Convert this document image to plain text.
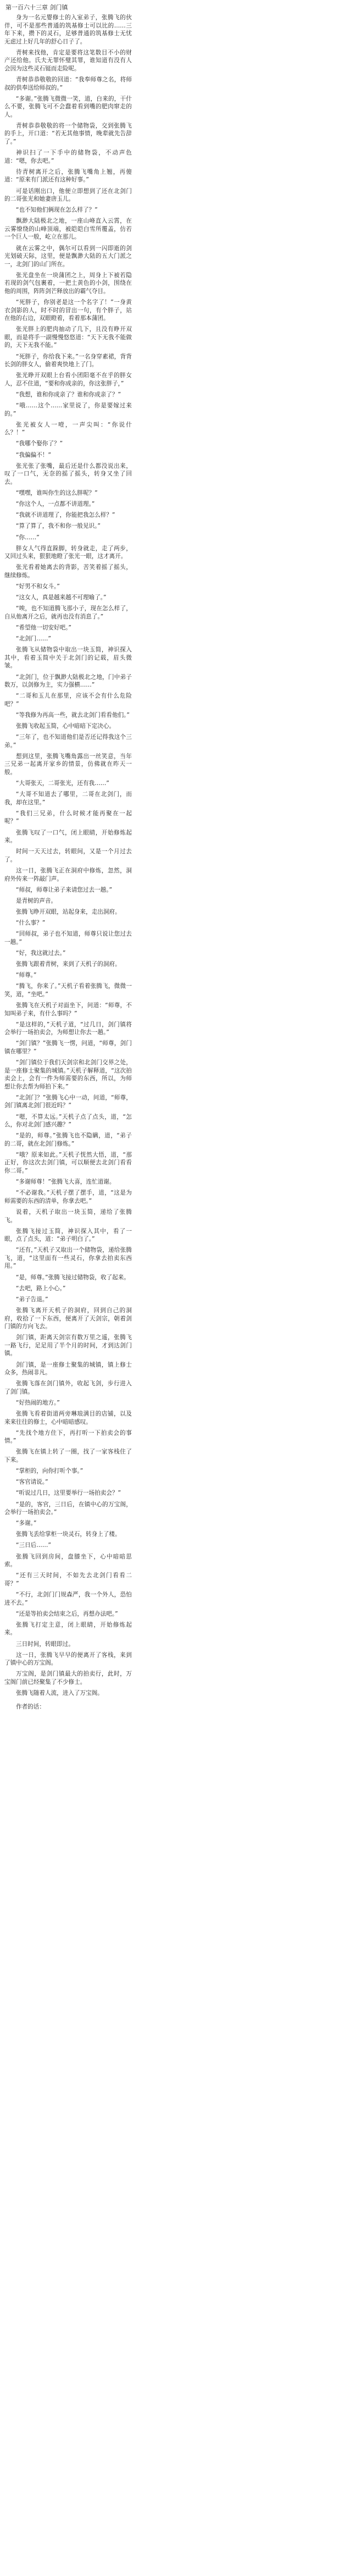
第一百六十三章 剑门镇

身为一名元婴修士的入室弟子，张腾飞的伙伴，可不是那些普通的筑基修士可以比的……三年下来，攒下的灵石，足够普通的筑基修士无忧无虑过上好几年的舒心日子了。

青树来找他，肯定是要将这笔数目不小的财产还给他。氏夫无罪怀璧其罪，谁知道有没有人会因为这些灵石铤而走险呢。

青树恭恭敬敬的回道：“我奉师尊之名，将师叔的供奉送给师叔的。”

“多谢。”张腾飞微微一笑，道，白来的，干什么不要，张腾飞可不会蠢着看到嘴的肥肉窜走的人。

青树恭恭敬敬的将一个储物袋，交到张腾飞的手上，开口道：“若无其他事情，晚辈就先告辞了。”

神识扫了一下手中的储物袋，不动声色道：“嗯，你去吧。”

待青树离开之后，张腾飞嘴角上翘，再傻道：“原来有门派还有这种好事。”

可是话刚出口，他便立即想到了还在北剑门的二哥张光和她妻唐玉儿。

“也不知他们俩现在怎么样了？”

飘渺大陆极北之地，一座山峰直入云霄，在云雾缭绕的山峰顶端，被皑皑白雪所覆盖，仿若一个巨人一般，屹立在那儿。

就在云雾之中，偶尔可以看到一闪即逝的剑光划破天际，这里，便是飘渺大陆的五大门派之一，北剑门的山门所在。

张光盘坐在一块蒲团之上，周身上下被若隐若现的剑气包裹着，一把土黄色的小剑，围绕在他的周围，阵阵剑芒释放出的霸气夺目。

“死胖子，你别老是这一个名字了！”一身黄衣剑影的人，时不时的冒出一句，有个胖子，站在他的右边，双眼瞪着，看着那本蒲团。

张光胖上的肥肉抽动了几下，且没有睁开双眼，而是将手一副慢慢悠悠道：“天下无我不能做的，天下无我不能。”

“死胖子，你给我下来。”一名身穿素裙，背背长剑的胖女人，偷着爽快地上了门。

张光睁开双眼上台看小团阳毫不在乎的胖女人，忍不住道，“要和你成亲的，你这张胖子，”

“我想，谁和你成亲了？谁和你成亲了？”

“哦……这个……家里说了，你是要嫁过来的。”

张光被女人一噎，一声尖叫：“你说什么？！”

“我哪个娶你了？”

“我偏偏不！”

张光张了张嘴，最后还是什么都没说出来，叹了一口气，无奈的摇了摇头，转身又坐了回去。

“嘿嘿，谁叫你生的这么胖呢？”

“你这个人，一点都不讲道理。”

“我就不讲道理了，你能把我怎么样？”

“算了算了，我不和你一般见识。”

“你……”

胖女人气得直跺脚，转身就走，走了两步，又回过头来，狠狠地瞪了张光一眼，这才离开。

张光看着她离去的背影，苦笑着摇了摇头，继续修炼。

“好男不和女斗。”

“这女人，真是越来越不可理喻了。”

“唉，也不知道腾飞那小子，现在怎么样了，自从他离开之后，就再也没有消息了。”

“希望他一切安好吧。”

“北剑门……”

张腾飞从储物袋中取出一块玉简，神识探入其中，看着玉简中关于北剑门的记载，眉头微皱。

“北剑门，位于飘渺大陆极北之地，门中弟子数万，以剑修为主，实力强横……”

“二哥和玉儿在那里，应该不会有什么危险吧？”

“等我修为再高一些，就去北剑门看看他们。”

张腾飞收起玉简，心中暗暗下定决心。

“三年了，也不知道他们是否还记得我这个三弟。”

想到这里，张腾飞嘴角露出一丝笑意，当年三兄弟一起离开家乡的情景，仿佛就在昨天一般。

“大哥张天，二哥张光，还有我……”

“大哥不知道去了哪里，二哥在北剑门，而我，却在这里。”

“我们三兄弟，什么时候才能再聚在一起呢？”

张腾飞叹了一口气，闭上眼睛，开始修炼起来。

时间一天天过去，转眼间，又是一个月过去了。

这一日，张腾飞正在洞府中修炼，忽然，洞府外传来一阵敲门声。

“师叔，师尊让弟子来请您过去一趟。”

是青树的声音。

张腾飞睁开双眼，站起身来，走出洞府。

“什么事？”

“回师叔，弟子也不知道，师尊只说让您过去一趟。”

“好，我这就过去。”

张腾飞跟着青树，来到了天机子的洞府。

“师尊。”

“腾飞，你来了。”天机子看着张腾飞，微微一笑，道，“坐吧。”

张腾飞在天机子对面坐下，问道：“师尊，不知叫弟子来，有什么事吗？”

“是这样的，”天机子道，“过几日，剑门镇将会举行一场拍卖会，为师想让你去一趟。”

“剑门镇？”张腾飞一愣，问道，“师尊，剑门镇在哪里？”

“剑门镇位于我们天剑宗和北剑门交界之处，是一座修士聚集的城镇。”天机子解释道，“这次拍卖会上，会有一件为师需要的东西，所以，为师想让你去帮为师拍下来。”

“北剑门？”张腾飞心中一动，问道，“师尊，剑门镇离北剑门很近吗？”

“嗯，不算太远。”天机子点了点头，道，“怎么，你对北剑门感兴趣？”

“是的，师尊。”张腾飞也不隐瞒，道，“弟子的二哥，就在北剑门修炼。”

“哦？原来如此。”天机子恍然大悟，道，“那正好，你这次去剑门镇，可以顺便去北剑门看看你二哥。”

“多谢师尊！”张腾飞大喜，连忙道谢。

“不必谢我。”天机子摆了摆手，道，“这是为师需要的东西的清单，你拿去吧。”

说着，天机子取出一块玉简，递给了张腾飞。

张腾飞接过玉简，神识探入其中，看了一眼，点了点头，道：“弟子明白了。”

“还有，”天机子又取出一个储物袋，递给张腾飞，道，“这里面有一些灵石，你拿去拍卖东西用。”

“是，师尊。”张腾飞接过储物袋，收了起来。

“去吧，路上小心。”

“弟子告退。”

张腾飞离开天机子的洞府，回到自己的洞府，收拾了一下东西，便离开了天剑宗，朝着剑门镇的方向飞去。

剑门镇，距离天剑宗有数万里之遥，张腾飞一路飞行，足足用了半个月的时间，才到达剑门镇。

剑门镇，是一座修士聚集的城镇，镇上修士众多，热闹非凡。

张腾飞落在剑门镇外，收起飞剑，步行进入了剑门镇。

“好热闹的地方。”

张腾飞看着街道两旁琳琅满目的店铺，以及来来往往的修士，心中暗暗感叹。

“先找个地方住下，再打听一下拍卖会的事情。”

张腾飞在镇上转了一圈，找了一家客栈住了下来。

“掌柜的，向你打听个事。”

“客官请说。”

“听说过几日，这里要举行一场拍卖会？”

“是的，客官，三日后，在镇中心的万宝阁，会举行一场拍卖会。”

“多谢。”

张腾飞丢给掌柜一块灵石，转身上了楼。

“三日后……”

张腾飞回到房间，盘膝坐下，心中暗暗思索。

“还有三天时间，不如先去北剑门看看二哥？”

“不行，北剑门门规森严，我一个外人，恐怕进不去。”

“还是等拍卖会结束之后，再想办法吧。”

张腾飞打定主意，闭上眼睛，开始修炼起来。

三日时间，转眼即过。

这一日，张腾飞早早的便离开了客栈，来到了镇中心的万宝阁。

万宝阁，是剑门镇最大的拍卖行，此时，万宝阁门前已经聚集了不少修士。

张腾飞随着人流，进入了万宝阁。

作者的话：
